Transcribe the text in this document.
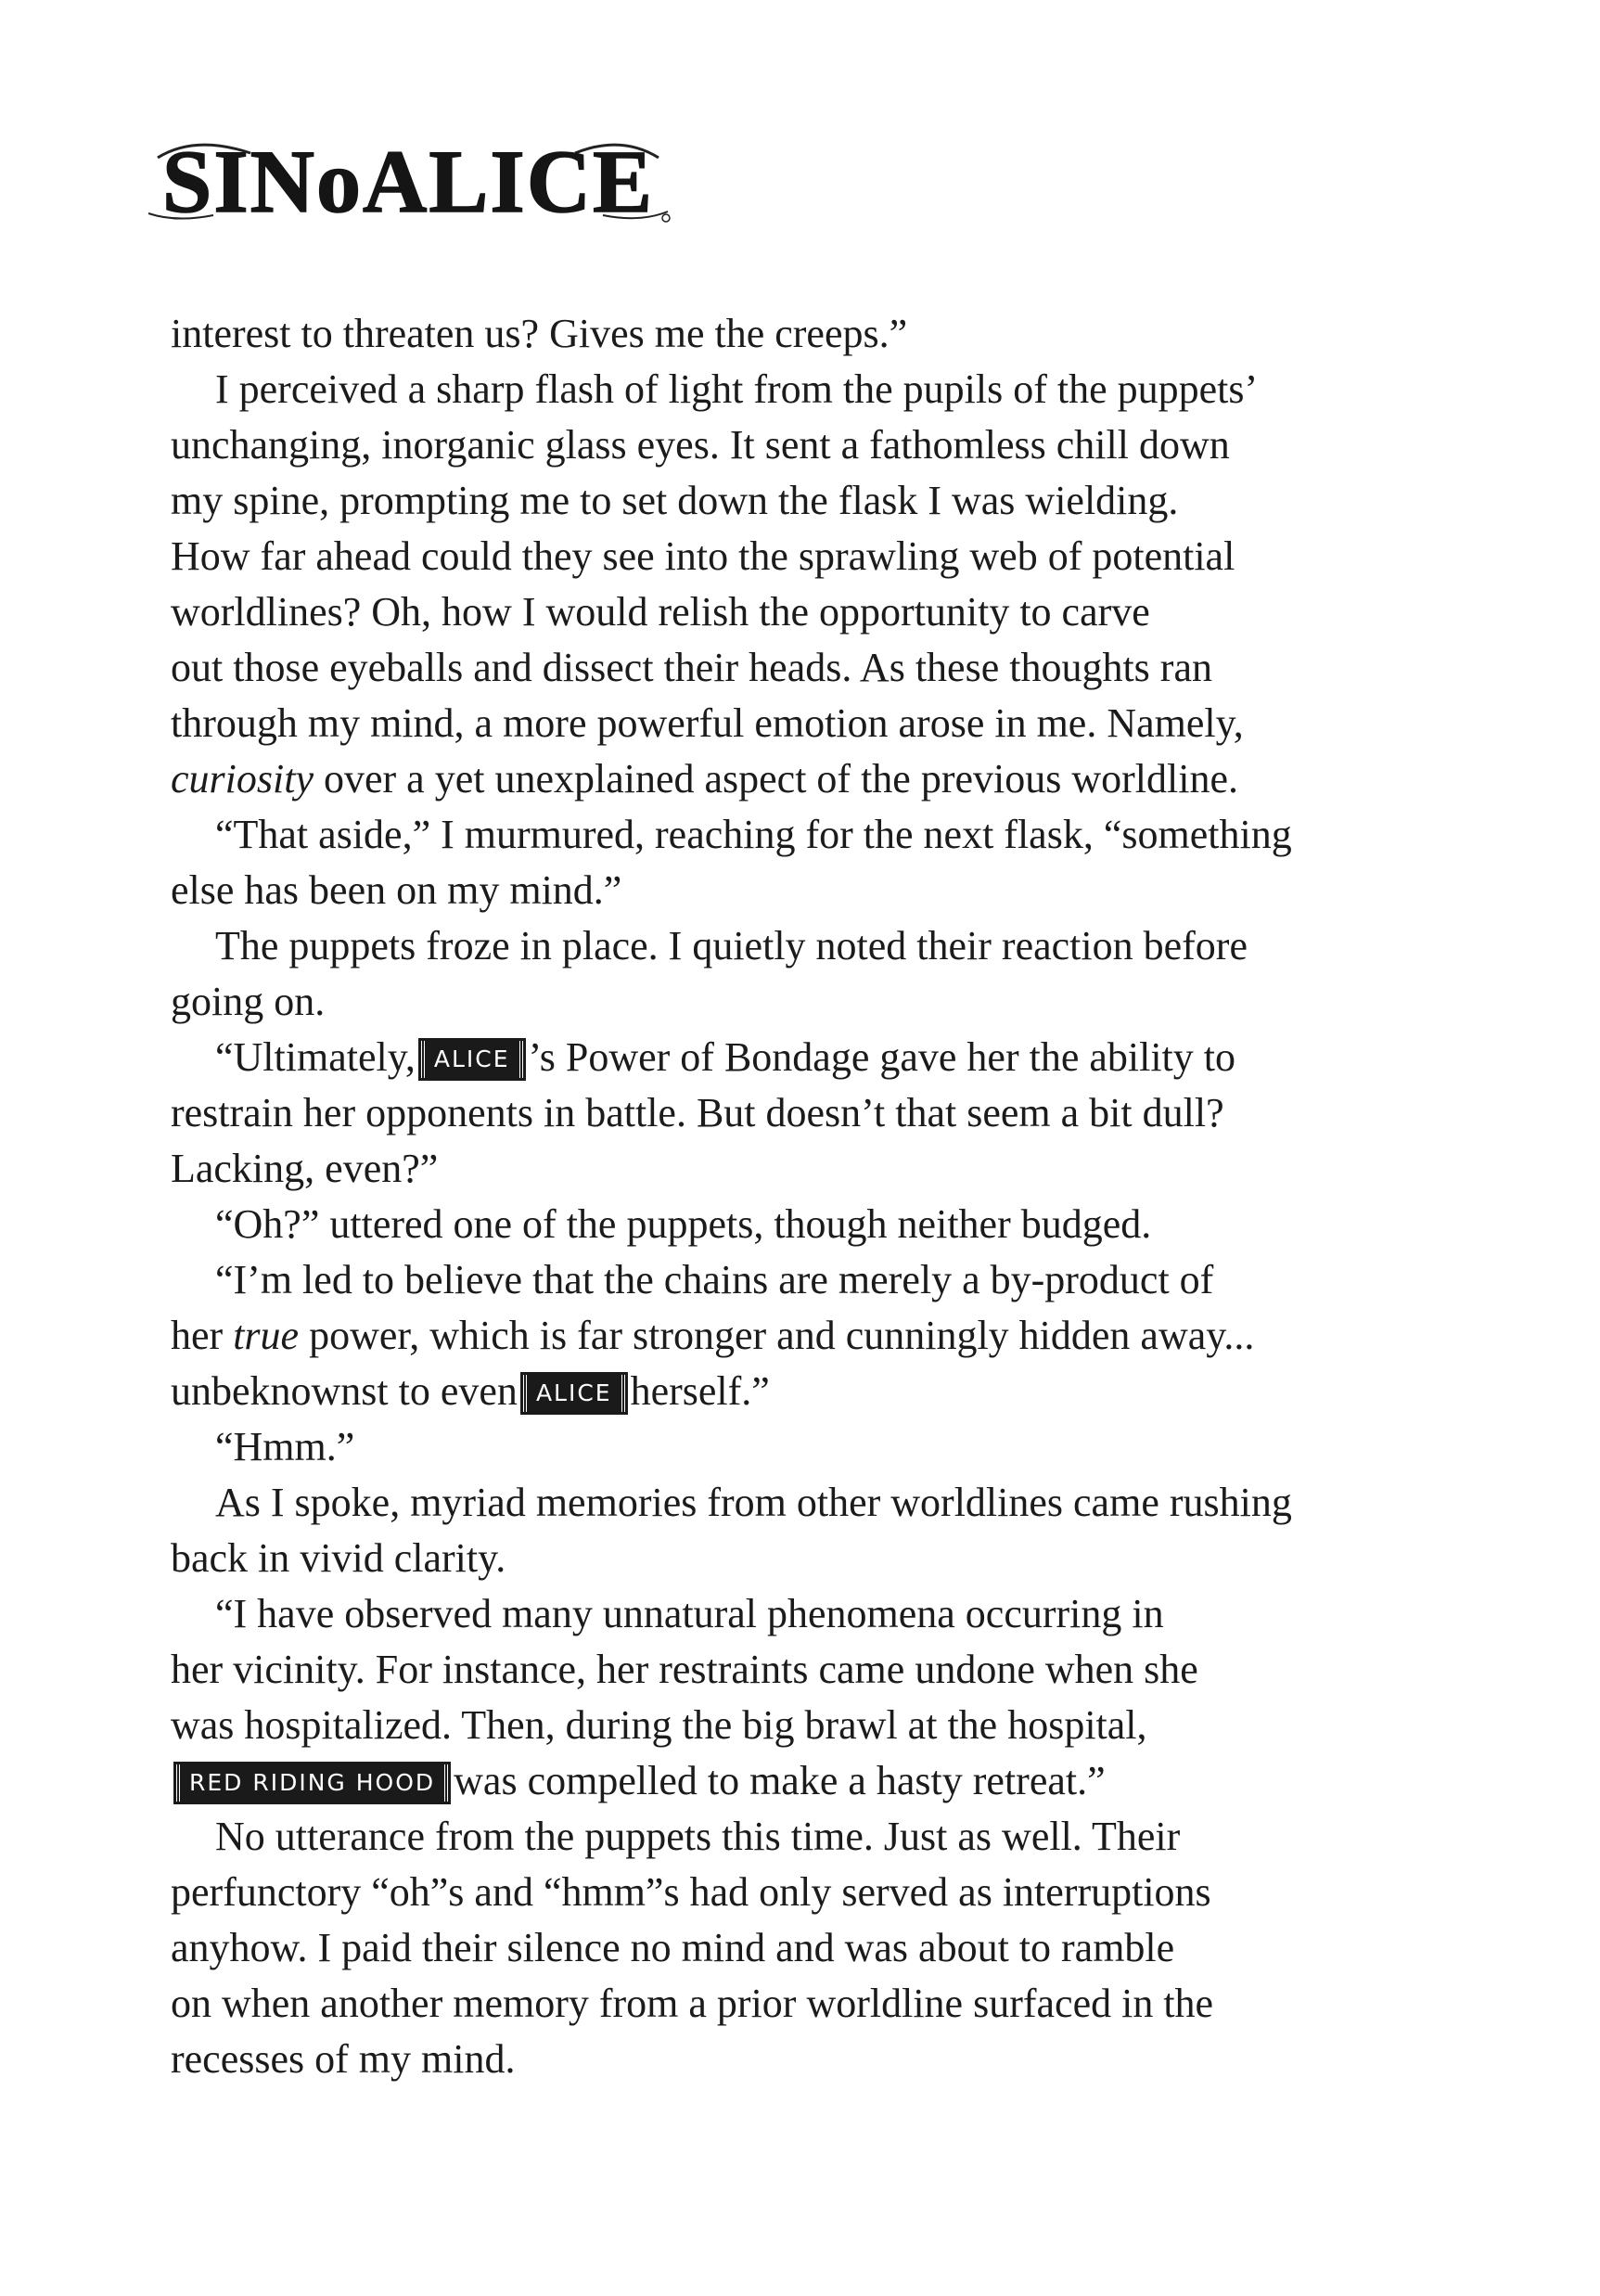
SINoALICE
interest to threaten us? Gives me the creeps.”
I perceived a sharp flash of light from the pupils of the puppets’
unchanging, inorganic glass eyes. It sent a fathomless chill down
my spine, prompting me to set down the flask I was wielding.
How far ahead could they see into the sprawling web of potential
worldlines? Oh, how I would relish the opportunity to carve
out those eyeballs and dissect their heads. As these thoughts ran
through my mind, a more powerful emotion arose in me. Namely,
curiosity over a yet unexplained aspect of the previous worldline.
“That aside,” I murmured, reaching for the next flask, “something
else has been on my mind.”
The puppets froze in place. I quietly noted their reaction before
going on.
“Ultimately, ALICE ’s Power of Bondage gave her the ability to
restrain her opponents in battle. But doesn’t that seem a bit dull?
Lacking, even?”
“Oh?” uttered one of the puppets, though neither budged.
“I’m led to believe that the chains are merely a by-product of
her true power, which is far stronger and cunningly hidden away...
unbeknownst to even ALICE herself.”
“Hmm.”
As I spoke, myriad memories from other worldlines came rushing
back in vivid clarity.
“I have observed many unnatural phenomena occurring in
her vicinity. For instance, her restraints came undone when she
was hospitalized. Then, during the big brawl at the hospital,
RED RIDING HOOD was compelled to make a hasty retreat.”
No utterance from the puppets this time. Just as well. Their
perfunctory “oh”s and “hmm”s had only served as interruptions
anyhow. I paid their silence no mind and was about to ramble
on when another memory from a prior worldline surfaced in the
recesses of my mind.
